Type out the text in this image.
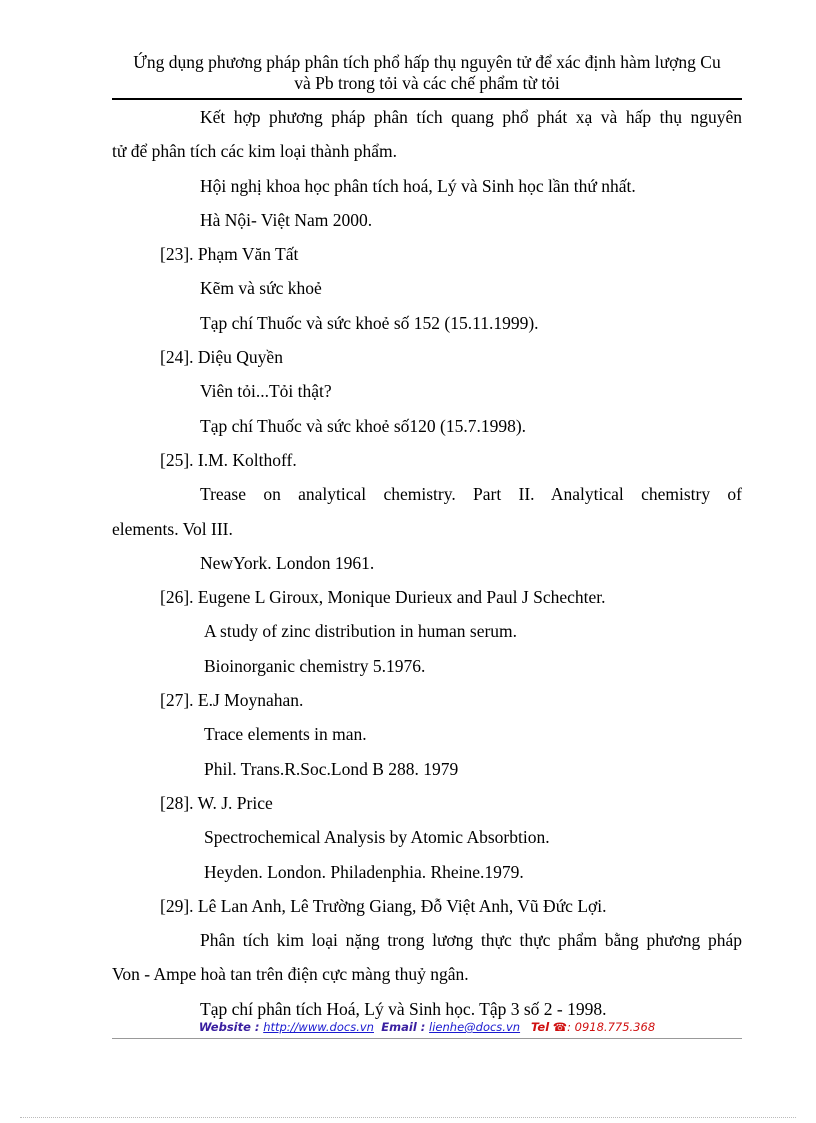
Ứng dụng phương pháp phân tích phổ hấp thụ nguyên tử để xác định hàm lượng Cu
và Pb trong tỏi và các chế phẩm từ tỏi
Kết hợp phương pháp phân tích quang phổ phát xạ và hấp thụ nguyên
tử để phân tích các kim loại thành phẩm.
Hội nghị khoa học phân tích hoá, Lý và Sinh học lần thứ nhất.
Hà Nội- Việt Nam 2000.
[23]. Phạm Văn Tất
Kẽm và sức khoẻ
Tạp chí Thuốc và sức khoẻ số 152 (15.11.1999).
[24]. Diệu Quyền
Viên tỏi...Tỏi thật?
Tạp chí Thuốc và sức khoẻ số120 (15.7.1998).
[25]. I.M. Kolthoff.
Trease on analytical chemistry. Part II. Analytical chemistry of
elements. Vol III.
NewYork. London 1961.
[26]. Eugene L Giroux, Monique Durieux and Paul J Schechter.
A study of zinc distribution in human serum.
Bioinorganic chemistry 5.1976.
[27]. E.J Moynahan.
Trace elements in man.
Phil. Trans.R.Soc.Lond B 288. 1979
[28]. W. J. Price
Spectrochemical Analysis by Atomic Absorbtion.
Heyden. London. Philadenphia. Rheine.1979.
[29]. Lê Lan Anh, Lê Trường Giang, Đỗ Việt Anh, Vũ Đức Lợi.
Phân tích kim loại nặng trong lương thực thực phẩm bằng phương pháp
Von - Ampe hoà tan trên điện cực màng thuỷ ngân.
Tạp chí phân tích Hoá, Lý và Sinh học. Tập 3 số 2 - 1998.
Website : http://www.docs.vn Email : lienhe@docs.vn Tel ☎: 0918.775.368
